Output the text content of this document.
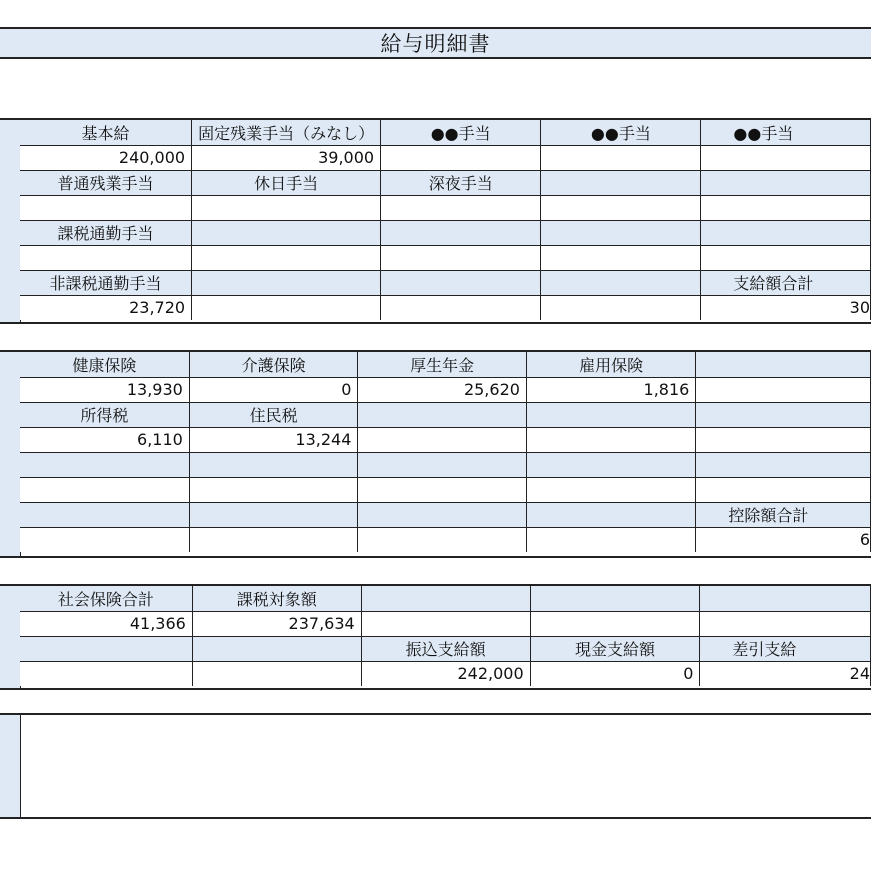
給与明細書
基本給	固定残業手当（みなし）	●●手当	●●手当	●●手当
240,000	39,000			
普通残業手当	休日手当	深夜手当		

課税通勤手当				

非課税通勤手当				支給額合計
23,720				30
健康保険	介護保険	厚生年金	雇用保険	
13,930	0	25,620	1,816	
所得税	住民税			
6,110	13,244			

				控除額合計
				6
社会保険合計	課税対象額			
41,366	237,634			
		振込支給額	現金支給額	差引支給
		242,000	0	24
